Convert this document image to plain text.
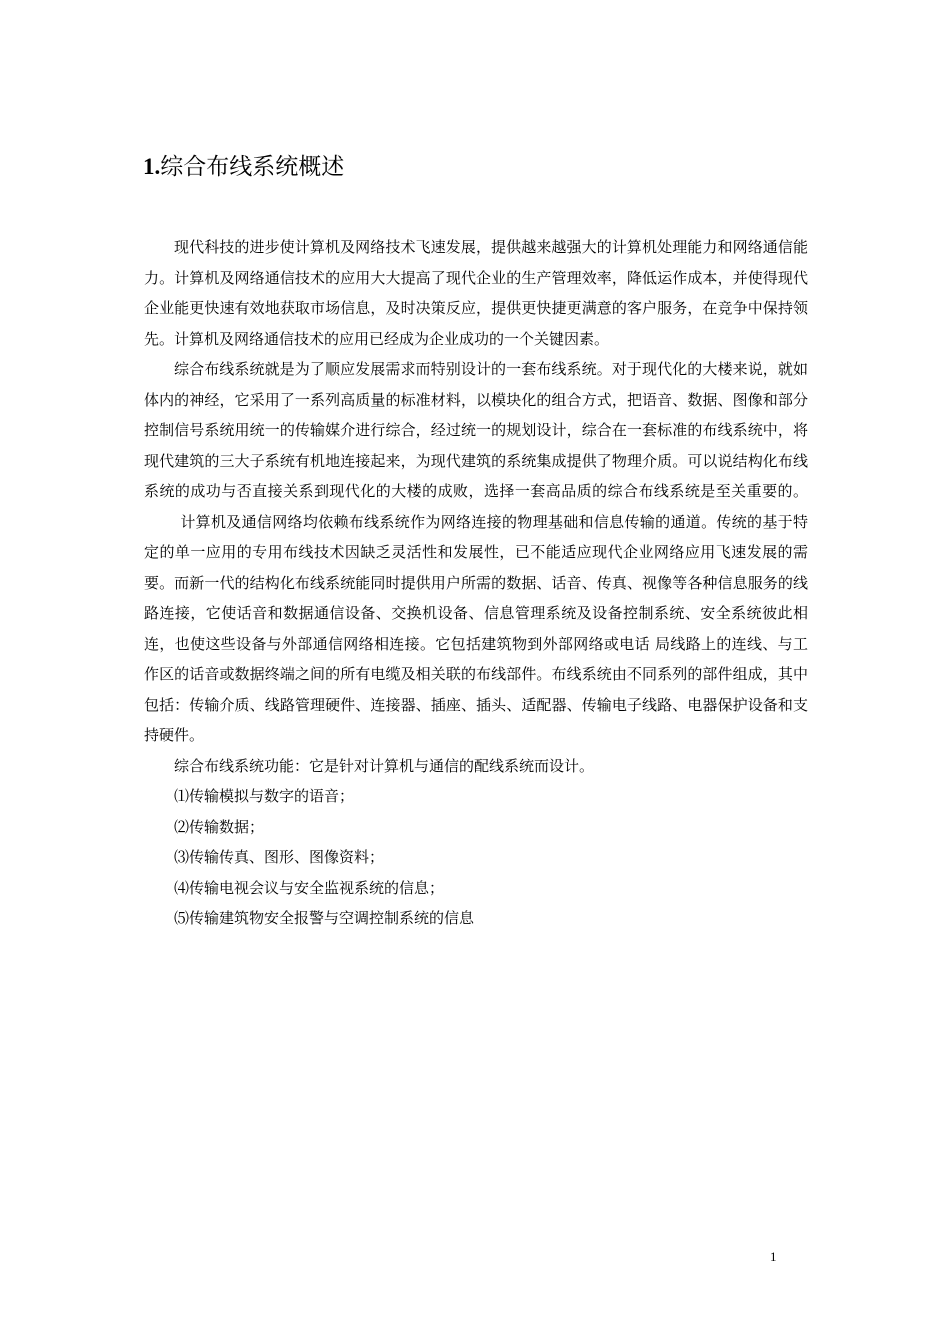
1.综合布线系统概述

现代科技的进步使计算机及网络技术飞速发展，提供越来越强大的计算机处理能力和网络通信能力。计算机及网络通信技术的应用大大提高了现代企业的生产管理效率，降低运作成本，并使得现代企业能更快速有效地获取市场信息，及时决策反应，提供更快捷更满意的客户服务，在竞争中保持领先。计算机及网络通信技术的应用已经成为企业成功的一个关键因素。

综合布线系统就是为了顺应发展需求而特别设计的一套布线系统。对于现代化的大楼来说，就如体内的神经，它采用了一系列高质量的标准材料，以模块化的组合方式，把语音、数据、图像和部分控制信号系统用统一的传输媒介进行综合，经过统一的规划设计，综合在一套标准的布线系统中，将现代建筑的三大子系统有机地连接起来，为现代建筑的系统集成提供了物理介质。可以说结构化布线系统的成功与否直接关系到现代化的大楼的成败，选择一套高品质的综合布线系统是至关重要的。计算机及通信网络均依赖布线系统作为网络连接的物理基础和信息传输的通道。传统的基于特定的单一应用的专用布线技术因缺乏灵活性和发展性，已不能适应现代企业网络应用飞速发展的需要。而新一代的结构化布线系统能同时提供用户所需的数据、话音、传真、视像等各种信息服务的线路连接，它使话音和数据通信设备、交换机设备、信息管理系统及设备控制系统、安全系统彼此相连，也使这些设备与外部通信网络相连接。它包括建筑物到外部网络或电话 局线路上的连线、与工作区的话音或数据终端之间的所有电缆及相关联的布线部件。布线系统由不同系列的部件组成，其中包括：传输介质、线路管理硬件、连接器、插座、插头、适配器、传输电子线路、电器保护设备和支持硬件。

综合布线系统功能：它是针对计算机与通信的配线系统而设计。

⑴传输模拟与数字的语音；

⑵传输数据；

⑶传输传真、图形、图像资料；

⑷传输电视会议与安全监视系统的信息；

⑸传输建筑物安全报警与空调控制系统的信息

1
